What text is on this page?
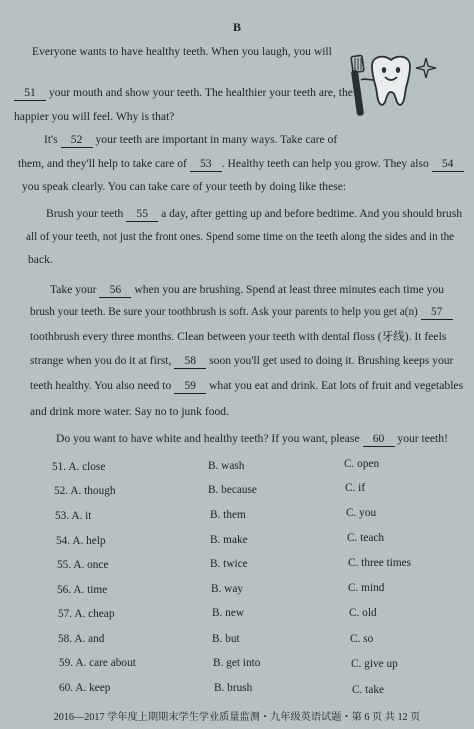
B
Everyone wants to have healthy teeth. When you laugh, you will
51 your mouth and show your teeth. The healthier your teeth are, the
happier you will feel. Why is that?
It's 52 your teeth are important in many ways. Take care of
them, and they'll help to take care of 53 . Healthy teeth can help you grow. They also 54
you speak clearly. You can take care of your teeth by doing like these:
Brush your teeth 55 a day, after getting up and before bedtime. And you should brush
all of your teeth, not just the front ones. Spend some time on the teeth along the sides and in the
back.
Take your 56 when you are brushing. Spend at least three minutes each time you
brush your teeth. Be sure your toothbrush is soft. Ask your parents to help you get a(n) 57
toothbrush every three months. Clean between your teeth with dental floss (牙线). It feels
strange when you do it at first, 58 soon you'll get used to doing it. Brushing keeps your
teeth healthy. You also need to 59 what you eat and drink. Eat lots of fruit and vegetables
and drink more water. Say no to junk food.
Do you want to have white and healthy teeth? If you want, please 60 your teeth!
51. A. close	B. wash	C. open
52. A. though	B. because	C. if
53. A. it	B. them	C. you
54. A. help	B. make	C. teach
55. A. once	B. twice	C. three times
56. A. time	B. way	C. mind
57. A. cheap	B. new	C. old
58. A. and	B. but	C. so
59. A. care about	B. get into	C. give up
60. A. keep	B. brush	C. take
2016—2017 学年度上期期末学生学业质量监测・九年级英语试题・第 6 页 共 12 页
